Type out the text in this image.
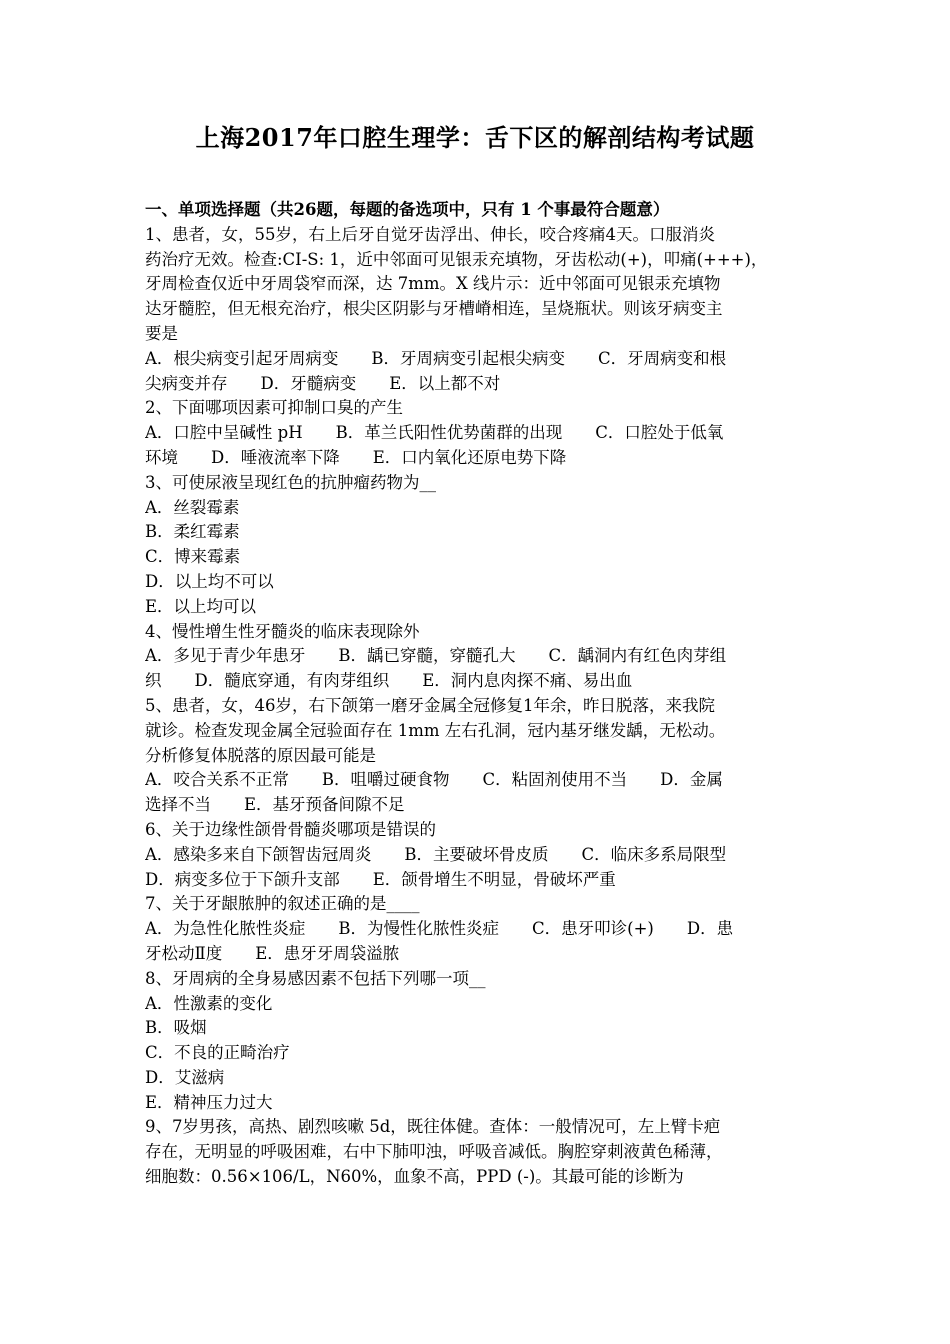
上海2017年口腔生理学：舌下区的解剖结构考试题
一、单项选择题（共26题，每题的备选项中，只有 1 个事最符合题意）
1、患者，女，55岁，右上后牙自觉牙齿浮出、伸长，咬合疼痛4天。口服消炎
药治疗无效。检查:CI-S: 1，近中邻面可见银汞充填物，牙齿松动(+)，叩痛(+++)，
牙周检查仅近中牙周袋窄而深，达 7mm。X 线片示：近中邻面可见银汞充填物
达牙髓腔，但无根充治疗，根尖区阴影与牙槽嵴相连，呈烧瓶状。则该牙病变主
要是
A．根尖病变引起牙周病变　　B．牙周病变引起根尖病变　　C．牙周病变和根
尖病变并存　　D．牙髓病变　　E．以上都不对
2、下面哪项因素可抑制口臭的产生
A．口腔中呈碱性 pH　　B．革兰氏阳性优势菌群的出现　　C．口腔处于低氧
环境　　D．唾液流率下降　　E．口内氧化还原电势下降
3、可使尿液呈现红色的抗肿瘤药物为__
A．丝裂霉素
B．柔红霉素
C．博来霉素
D．以上均不可以
E．以上均可以
4、慢性增生性牙髓炎的临床表现除外
A．多见于青少年患牙　　B．龋已穿髓，穿髓孔大　　C．龋洞内有红色肉芽组
织　　D．髓底穿通，有肉芽组织　　E．洞内息肉探不痛、易出血
5、患者，女，46岁，右下颌第一磨牙金属全冠修复1年余，昨日脱落，来我院
就诊。检查发现金属全冠验面存在 1mm 左右孔洞，冠内基牙继发龋，无松动。
分析修复体脱落的原因最可能是
A．咬合关系不正常　　B．咀嚼过硬食物　　C．粘固剂使用不当　　D．金属
选择不当　　E．基牙预备间隙不足
6、关于边缘性颌骨骨髓炎哪项是错误的
A．感染多来自下颌智齿冠周炎　　B．主要破坏骨皮质　　C．临床多系局限型
D．病变多位于下颌升支部　　E．颌骨增生不明显，骨破坏严重
7、关于牙龈脓肿的叙述正确的是____
A．为急性化脓性炎症　　B．为慢性化脓性炎症　　C．患牙叩诊(+)　　D．患
牙松动Ⅱ度　　E．患牙牙周袋溢脓
8、牙周病的全身易感因素不包括下列哪一项__
A．性激素的变化
B．吸烟
C．不良的正畸治疗
D．艾滋病
E．精神压力过大
9、7岁男孩，高热、剧烈咳嗽 5d，既往体健。查体：一般情况可，左上臂卡疤
存在，无明显的呼吸困难，右中下肺叩浊，呼吸音减低。胸腔穿刺液黄色稀薄，
细胞数：0.56×106/L，N60%，血象不高，PPD (-)。其最可能的诊断为
